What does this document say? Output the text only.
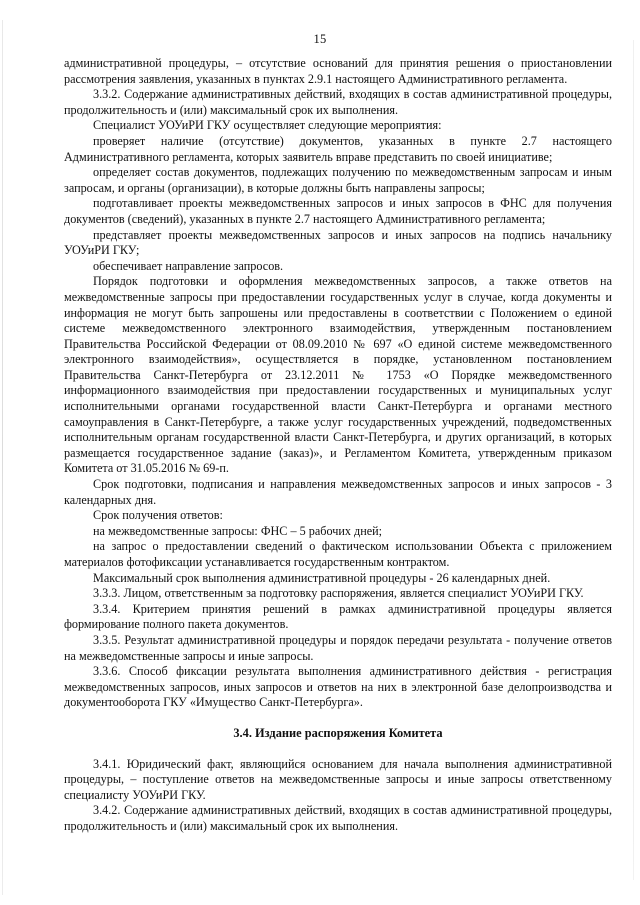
15

административной процедуры, – отсутствие оснований для принятия решения о приостановлении рассмотрения заявления, указанных в пунктах 2.9.1 настоящего Административного регламента.

3.3.2. Содержание административных действий, входящих в состав административной процедуры, продолжительность и (или) максимальный срок их выполнения.

Специалист УОУиРИ ГКУ осуществляет следующие мероприятия:

проверяет наличие (отсутствие) документов, указанных в пункте 2.7 настоящего Административного регламента, которых заявитель вправе представить по своей инициативе;

определяет состав документов, подлежащих получению по межведомственным запросам и иным запросам, и органы (организации), в которые должны быть направлены запросы;

подготавливает проекты межведомственных запросов и иных запросов в ФНС для получения документов (сведений), указанных в пункте 2.7 настоящего Административного регламента;

представляет проекты межведомственных запросов и иных запросов на подпись начальнику УОУиРИ ГКУ;

обеспечивает направление запросов.

Порядок подготовки и оформления межведомственных запросов, а также ответов на межведомственные запросы при предоставлении государственных услуг в случае, когда документы и информация не могут быть запрошены или предоставлены в соответствии с Положением о единой системе межведомственного электронного взаимодействия, утвержденным постановлением Правительства Российской Федерации от 08.09.2010 № 697 «О единой системе межведомственного электронного взаимодействия», осуществляется в порядке, установленном постановлением Правительства Санкт-Петербурга от 23.12.2011 № 1753 «О Порядке межведомственного информационного взаимодействия при предоставлении государственных и муниципальных услуг исполнительными органами государственной власти Санкт-Петербурга и органами местного самоуправления в Санкт-Петербурге, а также услуг государственных учреждений, подведомственных исполнительным органам государственной власти Санкт-Петербурга, и других организаций, в которых размещается государственное задание (заказ)», и Регламентом Комитета, утвержденным приказом Комитета от 31.05.2016 № 69-п.

Срок подготовки, подписания и направления межведомственных запросов и иных запросов - 3 календарных дня.

Срок получения ответов:

на межведомственные запросы: ФНС – 5 рабочих дней;

на запрос о предоставлении сведений о фактическом использовании Объекта с приложением материалов фотофиксации устанавливается государственным контрактом.

Максимальный срок выполнения административной процедуры - 26 календарных дней.

3.3.3. Лицом, ответственным за подготовку распоряжения, является специалист УОУиРИ ГКУ.

3.3.4. Критерием принятия решений в рамках административной процедуры является формирование полного пакета документов.

3.3.5. Результат административной процедуры и порядок передачи результата - получение ответов на межведомственные запросы и иные запросы.

3.3.6. Способ фиксации результата выполнения административного действия - регистрация межведомственных запросов, иных запросов и ответов на них в электронной базе делопроизводства и документооборота ГКУ «Имущество Санкт-Петербурга».

3.4. Издание распоряжения Комитета

3.4.1. Юридический факт, являющийся основанием для начала выполнения административной процедуры, – поступление ответов на межведомственные запросы и иные запросы ответственному специалисту УОУиРИ ГКУ.

3.4.2. Содержание административных действий, входящих в состав административной процедуры, продолжительность и (или) максимальный срок их выполнения.
